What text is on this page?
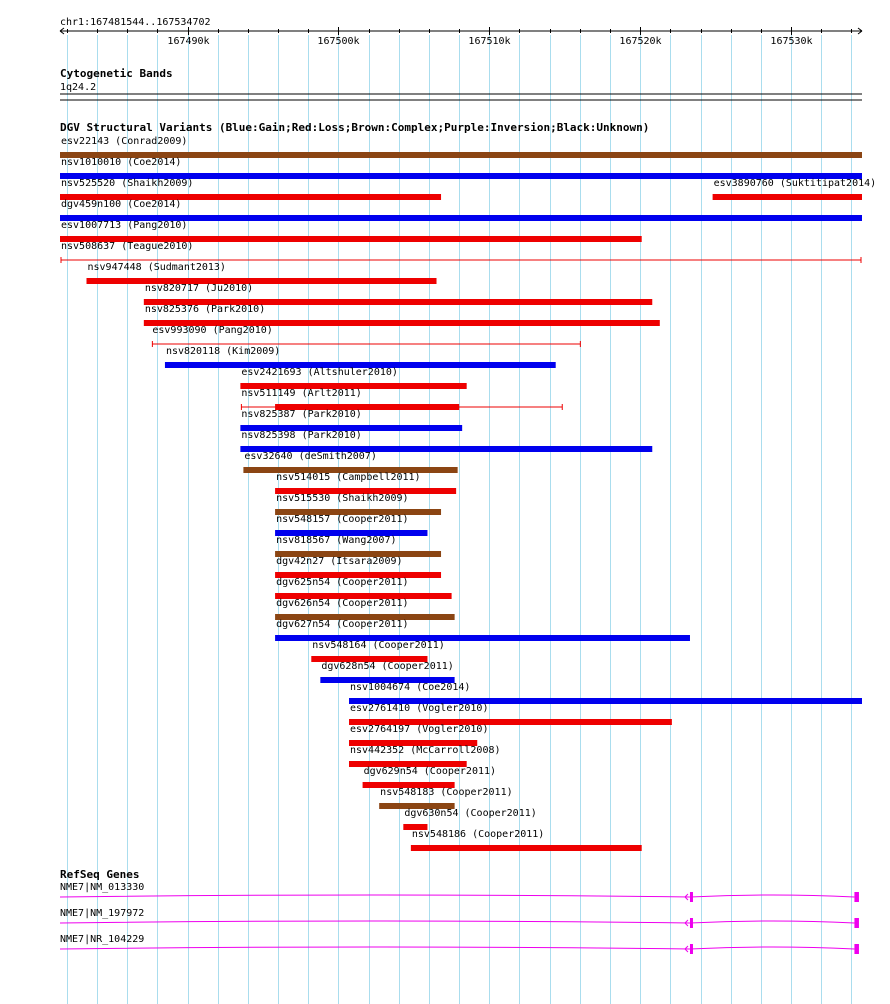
chr1:167481544..167534702
167490k	167500k	167510k	167520k	167530k
Cytogenetic Bands
1q24.2
DGV Structural Variants (Blue:Gain;Red:Loss;Brown:Complex;Purple:Inversion;Black:Unknown)
esv22143 (Conrad2009)
nsv1010010 (Coe2014)
nsv525520 (Shaikh2009)	esv3890760 (Suktitipat2014)
dgv459n100 (Coe2014)
esv1007713 (Pang2010)
nsv508637 (Teague2010)
nsv947448 (Sudmant2013)
nsv820717 (Ju2010)
nsv825376 (Park2010)
esv993090 (Pang2010)
nsv820118 (Kim2009)
esv2421693 (Altshuler2010)
nsv511149 (Arlt2011)
nsv825387 (Park2010)
nsv825398 (Park2010)
esv32640 (deSmith2007)
nsv514015 (Campbell2011)
nsv515530 (Shaikh2009)
nsv548157 (Cooper2011)
nsv818567 (Wang2007)
dgv42n27 (Itsara2009)
dgv625n54 (Cooper2011)
dgv626n54 (Cooper2011)
dgv627n54 (Cooper2011)
nsv548164 (Cooper2011)
dgv628n54 (Cooper2011)
nsv1004674 (Coe2014)
esv2761410 (Vogler2010)
esv2764197 (Vogler2010)
nsv442352 (McCarroll2008)
dgv629n54 (Cooper2011)
nsv548183 (Cooper2011)
dgv630n54 (Cooper2011)
nsv548186 (Cooper2011)
RefSeq Genes
NME7|NM_013330
NME7|NM_197972
NME7|NR_104229
